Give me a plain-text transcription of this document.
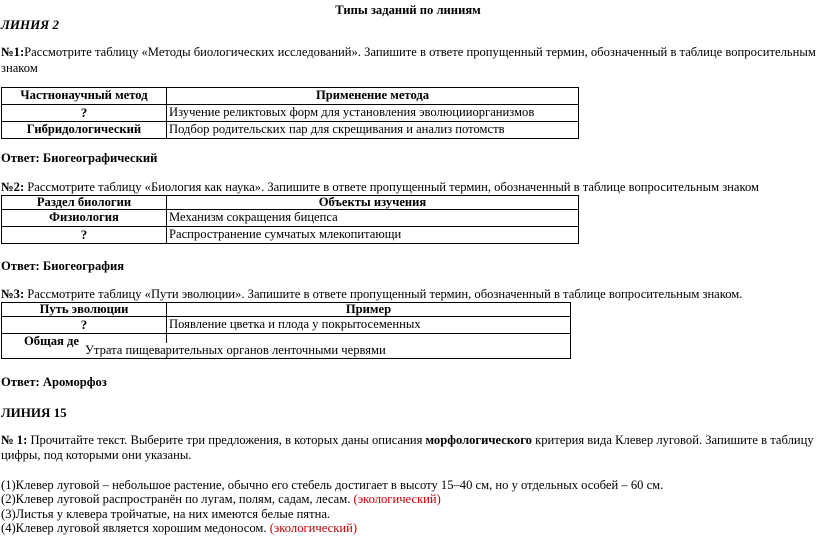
Типы заданий по линиям
ЛИНИЯ 2
№1:Рассмотрите таблицу «Методы биологических исследований». Запишите в ответе пропущенный термин, обозначенный в таблице вопросительным
знаком
Частнонаучный метод	Применение метода
?	Изучение реликтовых форм для установления эволюцииорганизмов
Гибридологический	Подбор родительских пар для скрещивания и анализ потомств
Ответ: Биогеографический
№2: Рассмотрите таблицу «Биология как наука». Запишите в ответе пропущенный термин, обозначенный в таблице вопросительным знаком
Раздел биологии	Объекты изучения
Физиология	Механизм сокращения бицепса
?	Распространение сумчатых млекопитающи
Ответ: Биогеография
№3: Рассмотрите таблицу «Пути эволюции». Запишите в ответе пропущенный термин, обозначенный в таблице вопросительным знаком.
Путь эволюции	Пример
?	Появление цветка и плода у покрытосеменных
Общая де	Утрата пищеварительных органов ленточными червями
Ответ: Ароморфоз
ЛИНИЯ 15
№ 1: Прочитайте текст. Выберите три предложения, в которых даны описания морфологического критерия вида Клевер луговой. Запишите в таблицу
цифры, под которыми они указаны.
(1)Клевер луговой – небольшое растение, обычно его стебель достигает в высоту 15–40 см, но у отдельных особей – 60 см.
(2)Клевер луговой распространён по лугам, полям, садам, лесам. (экологический)
(3)Листья у клевера тройчатые, на них имеются белые пятна.
(4)Клевер луговой является хорошим медоносом. (экологический)
